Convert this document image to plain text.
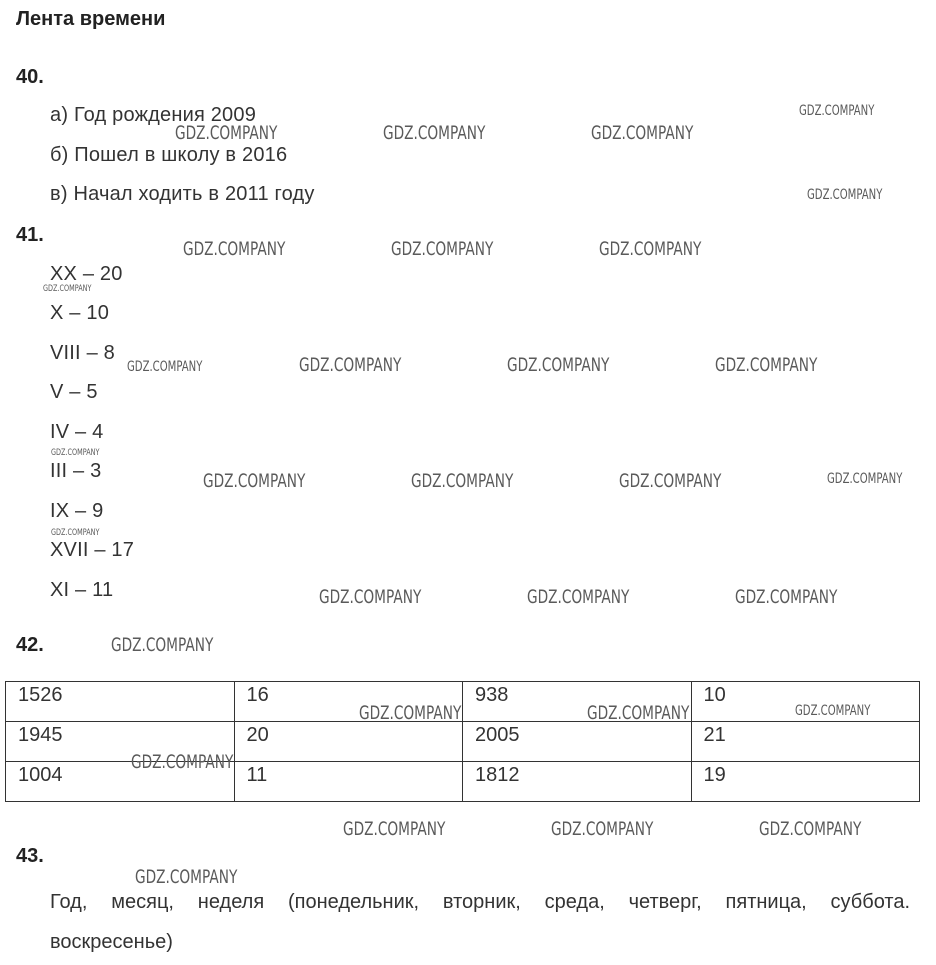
Лента времени
40.
а) Год рождения 2009
б) Пошел в школу в 2016
в) Начал ходить в 2011 году
41.
XX – 20
X – 10
VIII – 8
V – 5
IV – 4
III – 3
IX – 9
XVII – 17
XI – 11
42.
1526	16	938	10
1945	20	2005	21
1004	11	1812	19
43.
Год, месяц, неделя (понедельник, вторник, среда, четверг, пятница, суббота. воскресенье)
GDZ.COMPANY
GDZ.COMPANY	GDZ.COMPANY	GDZ.COMPANY
GDZ.COMPANY
GDZ.COMPANY	GDZ.COMPANY	GDZ.COMPANY
GDZ.COMPANY
GDZ.COMPANY	GDZ.COMPANY	GDZ.COMPANY	GDZ.COMPANY
GDZ.COMPANY
GDZ.COMPANY	GDZ.COMPANY	GDZ.COMPANY	GDZ.COMPANY
GDZ.COMPANY
GDZ.COMPANY	GDZ.COMPANY	GDZ.COMPANY
GDZ.COMPANY
GDZ.COMPANY	GDZ.COMPANY	GDZ.COMPANY
GDZ.COMPANY
GDZ.COMPANY	GDZ.COMPANY	GDZ.COMPANY
GDZ.COMPANY
